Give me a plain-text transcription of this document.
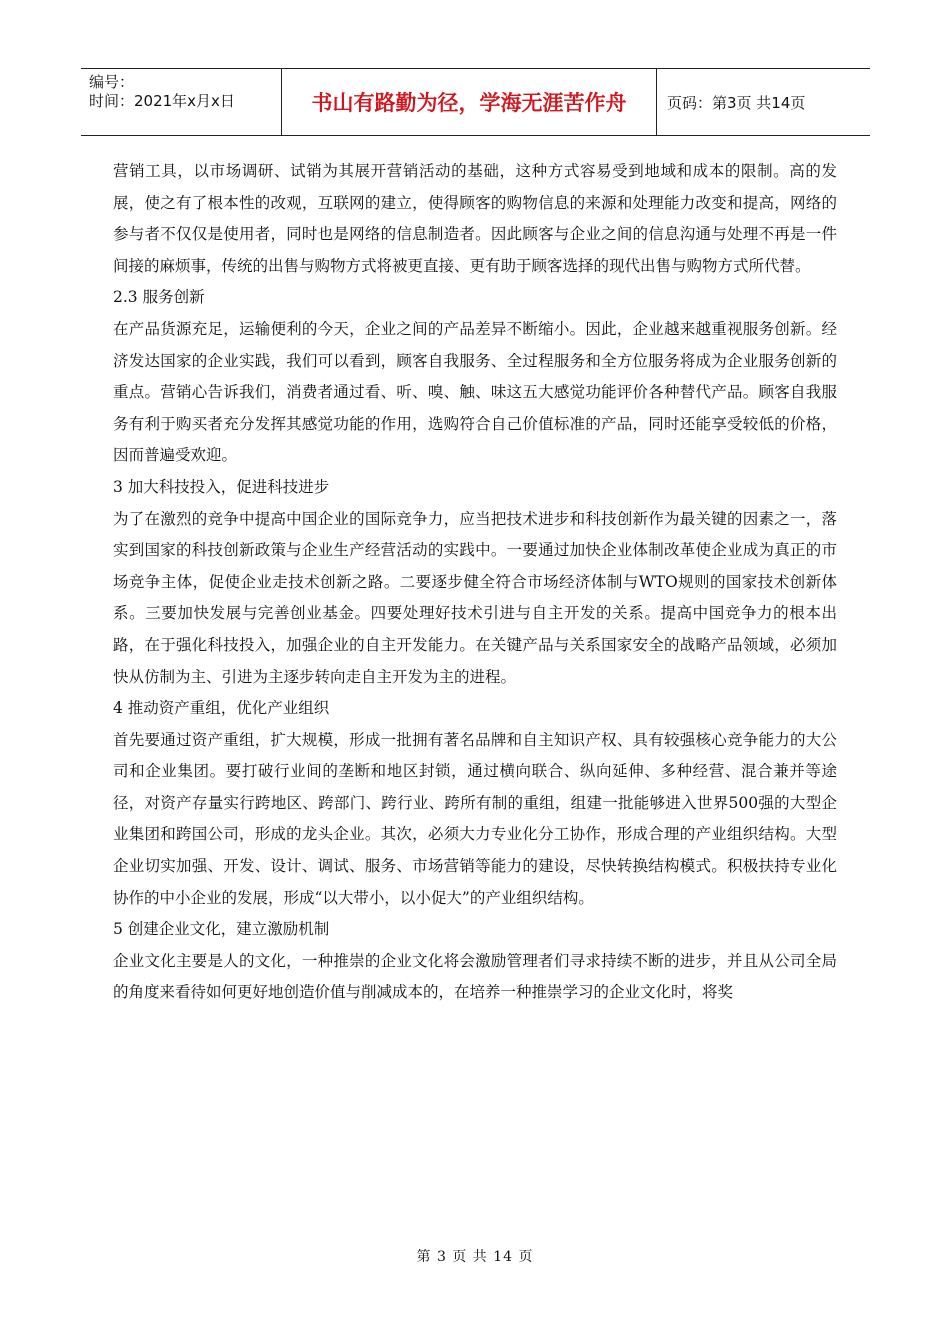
编号：
时间：2021年x月x日	书山有路勤为径，学海无涯苦作舟	页码：第3页 共14页

营销工具，以市场调研、试销为其展开营销活动的基础，这种方式容易受到地域和成本的限制。高的发展，使之有了根本性的改观，互联网的建立，使得顾客的购物信息的来源和处理能力改变和提高，网络的参与者不仅仅是使用者，同时也是网络的信息制造者。因此顾客与企业之间的信息沟通与处理不再是一件间接的麻烦事，传统的出售与购物方式将被更直接、更有助于顾客选择的现代出售与购物方式所代替。

2.3 服务创新

在产品货源充足，运输便利的今天，企业之间的产品差异不断缩小。因此，企业越来越重视服务创新。经济发达国家的企业实践，我们可以看到，顾客自我服务、全过程服务和全方位服务将成为企业服务创新的重点。营销心告诉我们，消费者通过看、听、嗅、触、味这五大感觉功能评价各种替代产品。顾客自我服务有利于购买者充分发挥其感觉功能的作用，选购符合自己价值标准的产品，同时还能享受较低的价格，因而普遍受欢迎。

3 加大科技投入，促进科技进步

为了在激烈的竞争中提高中国企业的国际竞争力，应当把技术进步和科技创新作为最关键的因素之一，落实到国家的科技创新政策与企业生产经营活动的实践中。一要通过加快企业体制改革使企业成为真正的市场竞争主体，促使企业走技术创新之路。二要逐步健全符合市场经济体制与WTO规则的国家技术创新体系。三要加快发展与完善创业基金。四要处理好技术引进与自主开发的关系。提高中国竞争力的根本出路，在于强化科技投入，加强企业的自主开发能力。在关键产品与关系国家安全的战略产品领域，必须加快从仿制为主、引进为主逐步转向走自主开发为主的进程。

4 推动资产重组，优化产业组织

首先要通过资产重组，扩大规模，形成一批拥有著名品牌和自主知识产权、具有较强核心竞争能力的大公司和企业集团。要打破行业间的垄断和地区封锁，通过横向联合、纵向延伸、多种经营、混合兼并等途径，对资产存量实行跨地区、跨部门、跨行业、跨所有制的重组，组建一批能够进入世界500强的大型企业集团和跨国公司，形成的龙头企业。其次，必须大力专业化分工协作，形成合理的产业组织结构。大型企业切实加强、开发、设计、调试、服务、市场营销等能力的建设，尽快转换结构模式。积极扶持专业化协作的中小企业的发展，形成“以大带小，以小促大”的产业组织结构。

5 创建企业文化，建立激励机制

企业文化主要是人的文化，一种推崇的企业文化将会激励管理者们寻求持续不断的进步，并且从公司全局的角度来看待如何更好地创造价值与削减成本的，在培养一种推崇学习的企业文化时，将奖

第 3 页 共 14 页
